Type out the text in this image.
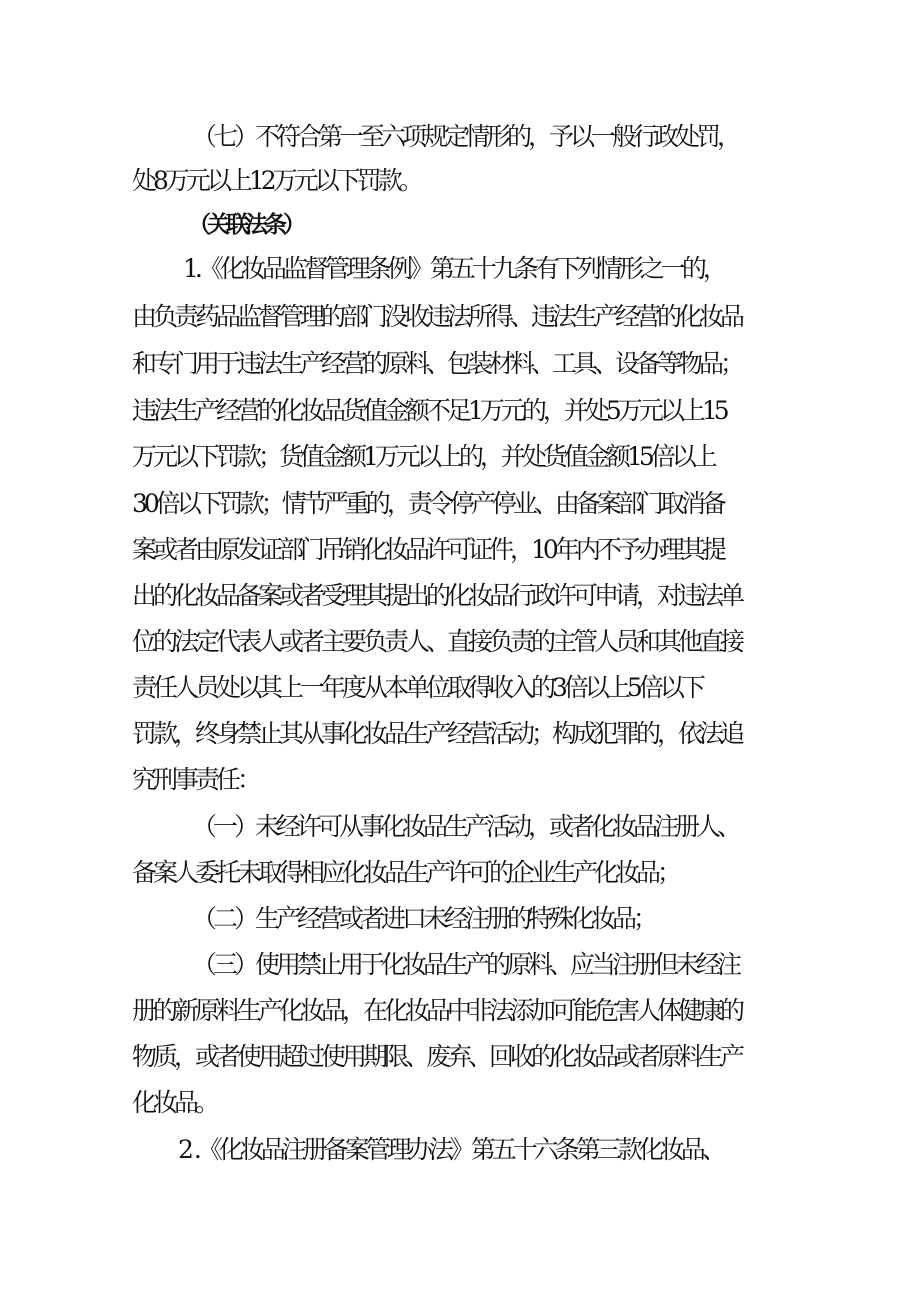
（七）不符合第一至六项规定情形的，予以一般行政处罚，
处8万元以上12万元以下罚款。
（关联法条）
1.《化妆品监督管理条例》第五十九条有下列情形之一的，
由负责药品监督管理的部门没收违法所得、违法生产经营的化妆品
和专门用于违法生产经营的原料、包装材料、工具、设备等物品；
违法生产经营的化妆品货值金额不足1万元的，并处5万元以上15
万元以下罚款；货值金额1万元以上的，并处货值金额15倍以上
30倍以下罚款；情节严重的，责令停产停业、由备案部门取消备
案或者由原发证部门吊销化妆品许可证件，10年内不予办理其提
出的化妆品备案或者受理其提出的化妆品行政许可申请，对违法单
位的法定代表人或者主要负责人、直接负责的主管人员和其他直接
责任人员处以其上一年度从本单位取得收入的3倍以上5倍以下
罚款，终身禁止其从事化妆品生产经营活动；构成犯罪的，依法追
究刑事责任：
（一）未经许可从事化妆品生产活动，或者化妆品注册人、
备案人委托未取得相应化妆品生产许可的企业生产化妆品；
（二）生产经营或者进口未经注册的特殊化妆品；
（三）使用禁止用于化妆品生产的原料、应当注册但未经注
册的新原料生产化妆品，在化妆品中非法添加可能危害人体健康的
物质，或者使用超过使用期限、废弃、回收的化妆品或者原料生产
化妆品。
2 .《化妆品注册备案管理办法》第五十六条第三款化妆品、
